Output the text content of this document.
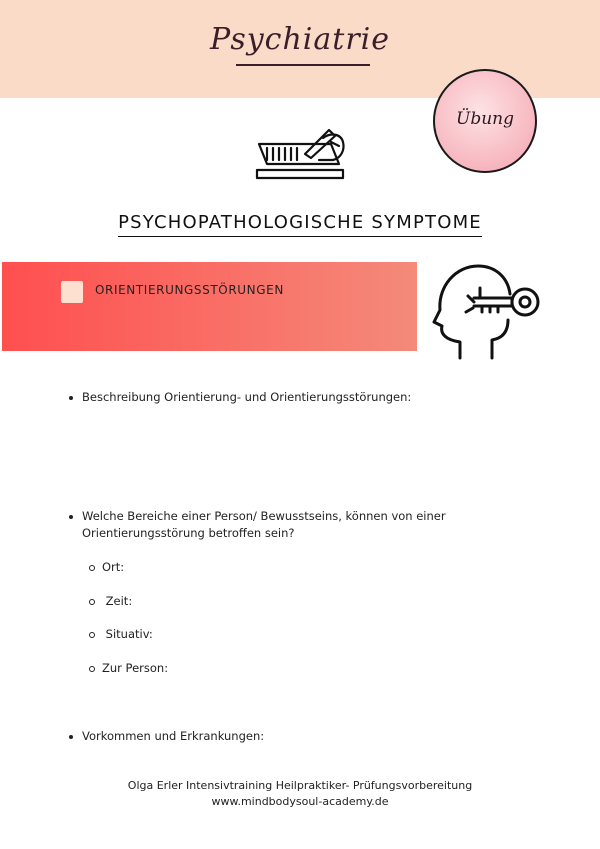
Psychiatrie
Übung
PSYCHOPATHOLOGISCHE SYMPTOME
ORIENTIERUNGSSTÖRUNGEN
Beschreibung Orientierung- und Orientierungsstörungen:
Welche Bereiche einer Person/ Bewusstseins, können von einer
Orientierungsstörung betroffen sein?
Ort:
Zeit:
Situativ:
Zur Person:
Vorkommen und Erkrankungen:
Olga Erler Intensivtraining Heilpraktiker- Prüfungsvorbereitung
www.mindbodysoul-academy.de
